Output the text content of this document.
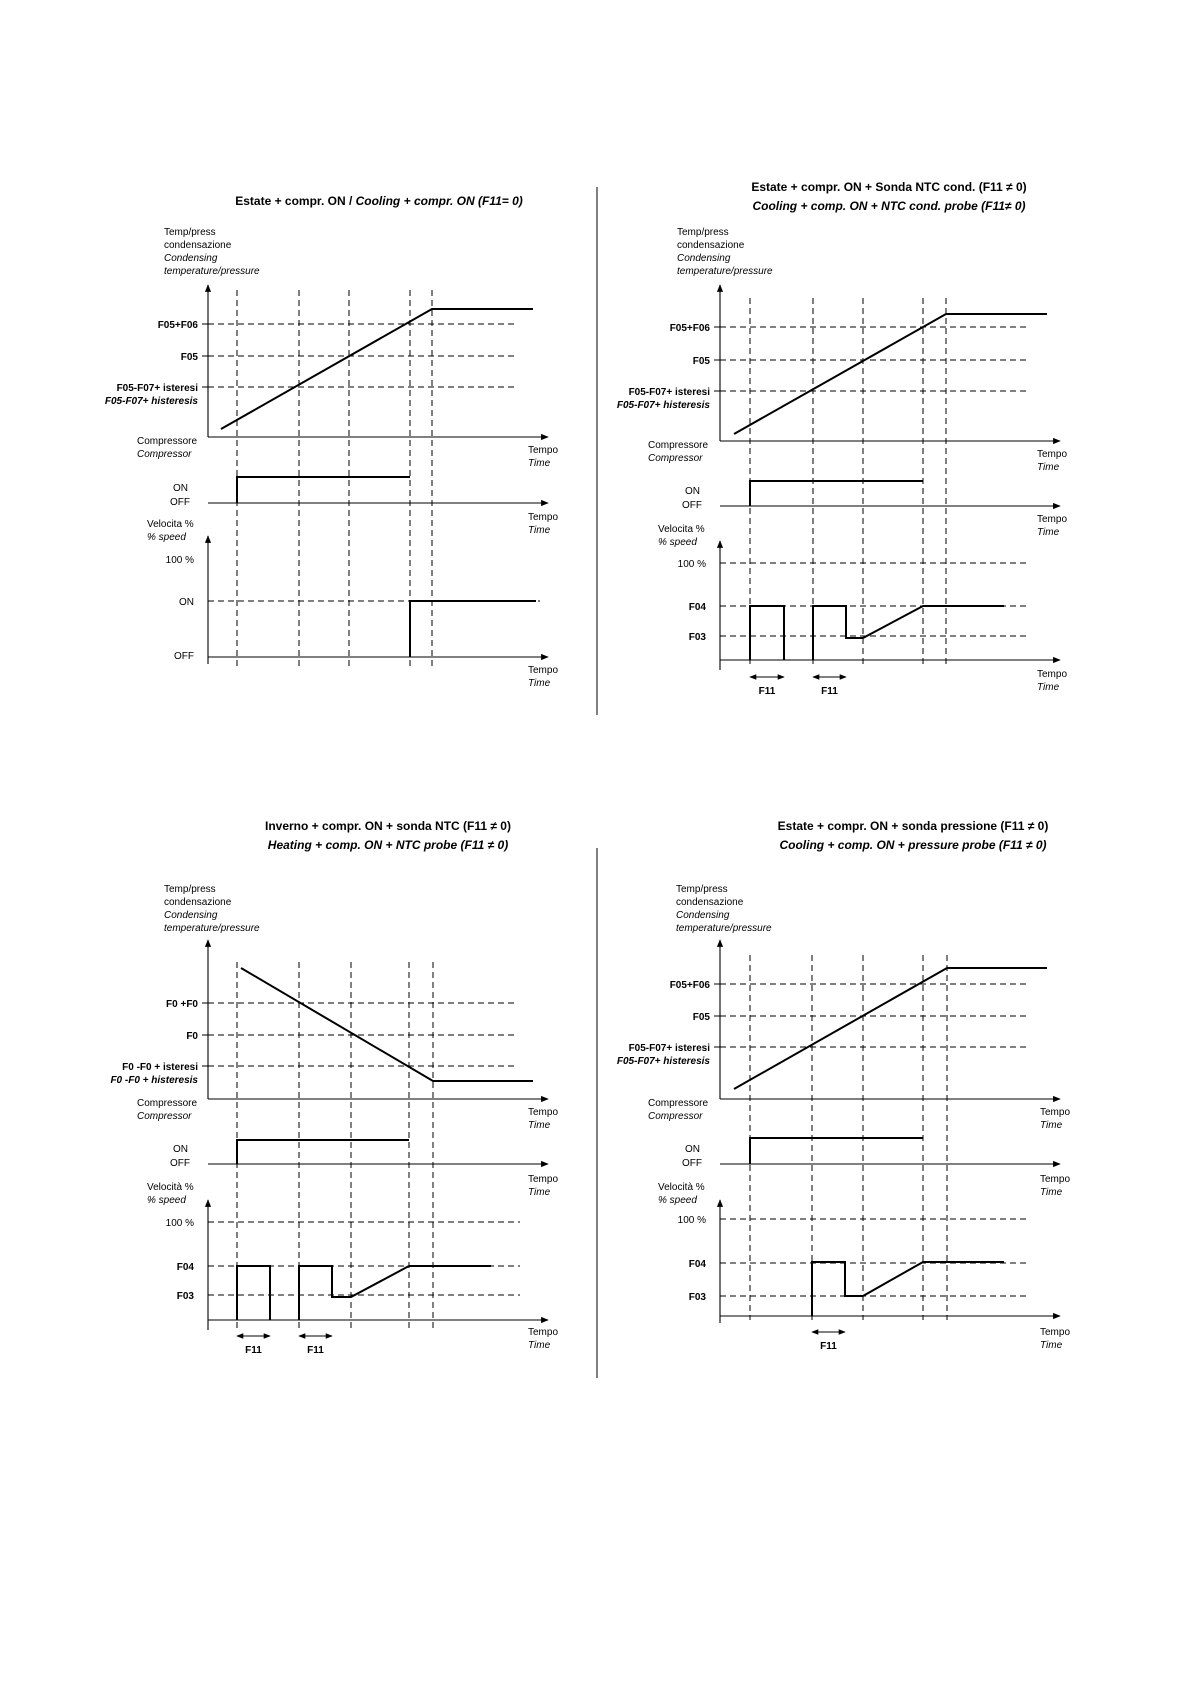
Estate + compr. ON / Cooling + compr. ON (F11= 0)
Temp/press
condensazione
Condensing
temperature/pressure
F05+F06
F05
F05-F07+ isteresi
F05-F07+ histeresis
Compressore
Compressor
ON
OFF
Velocita %
% speed
100 %
ON
OFF
Tempo
Time
Tempo
Time
Tempo
Time
Estate + compr. ON + Sonda NTC cond. (F11 ≠ 0)
Cooling + comp. ON + NTC cond. probe (F11≠ 0)
Temp/press
condensazione
Condensing
temperature/pressure
F05+F06
F05
F05-F07+ isteresi
F05-F07+ histeresis
Compressore
Compressor
ON
OFF
Velocita %
% speed
100 %
F04
F03
Tempo
Time
Tempo
Time
Tempo
Time
F11	F11
Inverno + compr. ON + sonda NTC (F11 ≠ 0)
Heating + comp. ON + NTC probe (F11 ≠ 0)
Temp/press
condensazione
Condensing
temperature/pressure
F0 +F0
F0
F0 -F0 + isteresi
F0 -F0 + histeresis
Compressore
Compressor
ON
OFF
Velocità %
% speed
100 %
F04
F03
Tempo
Time
Tempo
Time
Tempo
Time
F11	F11
Estate + compr. ON + sonda pressione (F11 ≠ 0)
Cooling + comp. ON + pressure probe (F11 ≠ 0)
Temp/press
condensazione
Condensing
temperature/pressure
F05+F06
F05
F05-F07+ isteresi
F05-F07+ histeresis
Compressore
Compressor
ON
OFF
Velocità %
% speed
100 %
F04
F03
Tempo
Time
Tempo
Time
Tempo
Time
F11
